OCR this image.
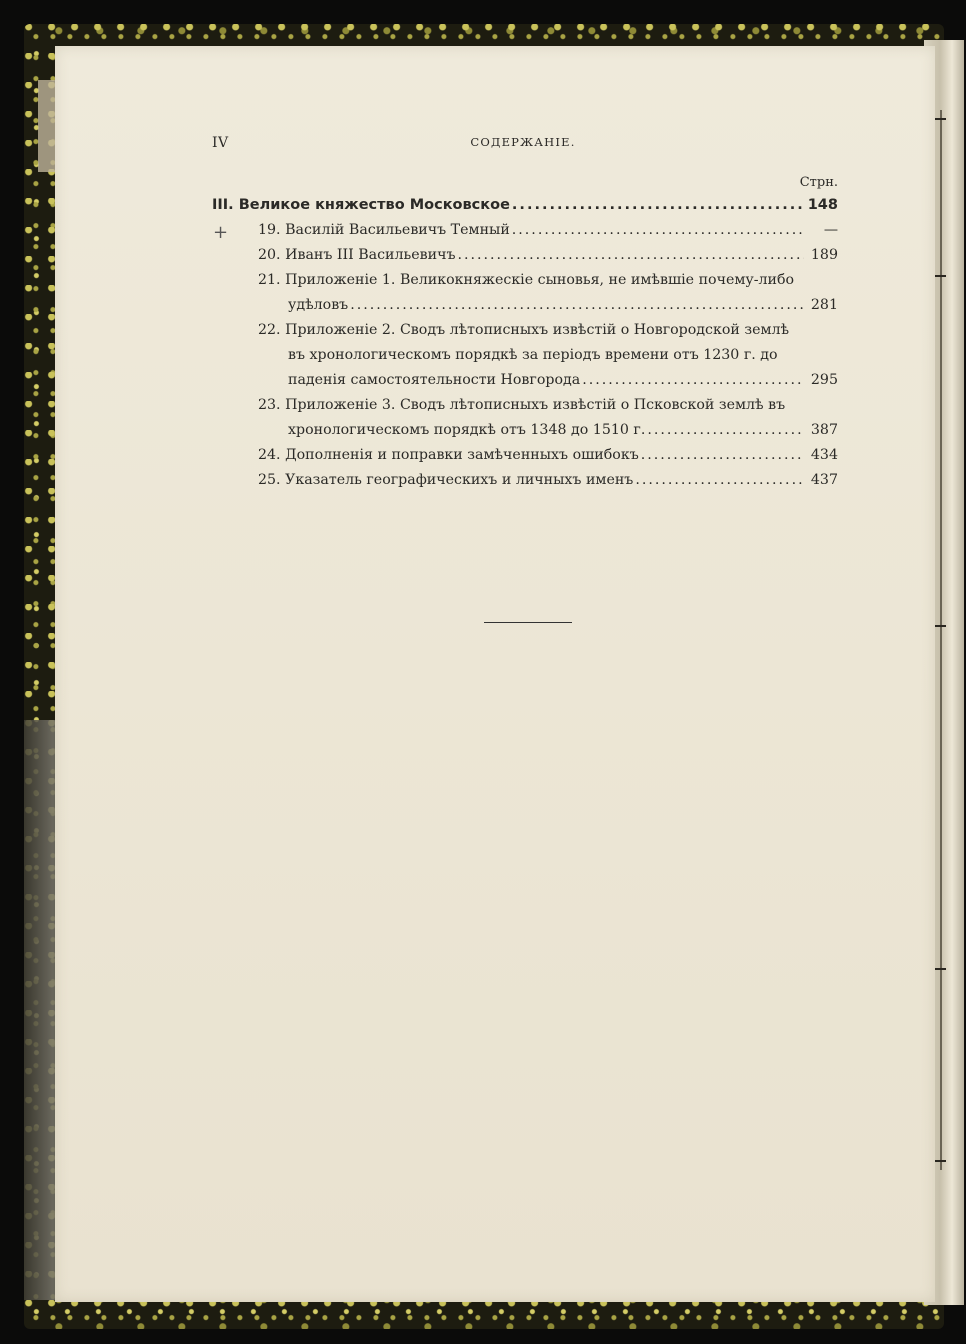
IV	СОДЕРЖАНІЕ.
Стрн.
+
III. Великое княжество Московское .....	148
19. Василій Васильевичъ Темный .....	—
20. Иванъ III Васильевичъ .....	189
21. Приложеніе 1. Великокняжескіе сыновья, не имѣвшіе почему-либо
удѣловъ .....	281
22. Приложеніе 2. Сводъ лѣтописныхъ извѣстій о Новгородской землѣ
въ хронологическомъ порядкѣ за періодъ времени отъ 1230 г. до
паденія самостоятельности Новгорода .....	295
23. Приложеніе 3. Сводъ лѣтописныхъ извѣстій о Псковской землѣ въ
хронологическомъ порядкѣ отъ 1348 до 1510 г. .....	387
24. Дополненія и поправки замѣченныхъ ошибокъ .....	434
25. Указатель географическихъ и личныхъ именъ .....	437
